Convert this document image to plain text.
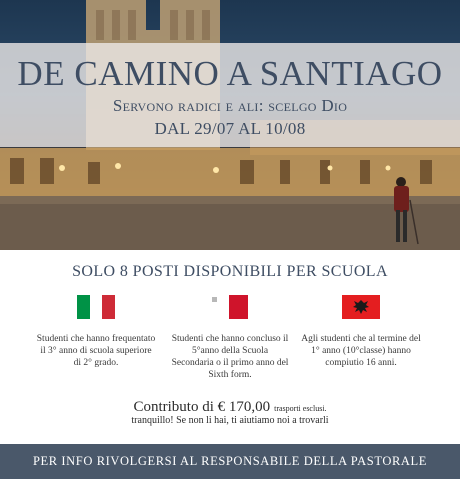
DE CAMINO A SANTIAGO
Servono radici e ali: scelgo Dio
DAL 29/07 AL 10/08
SOLO 8 POSTI DISPONIBILI PER SCUOLA
Studenti che hanno frequentato il 3° anno di scuola superiore di 2° grado.
Studenti che hanno concluso il 5°anno della Scuola Secondaria o il primo anno del Sixth form.
Agli studenti che al termine del 1° anno (10°classe) hanno compiutio 16 anni.
Contributo di € 170,00 trasporti esclusi.
tranquillo! Se non li hai, ti aiutiamo noi a trovarli
PER INFO RIVOLGERSI AL RESPONSABILE DELLA PASTORALE
